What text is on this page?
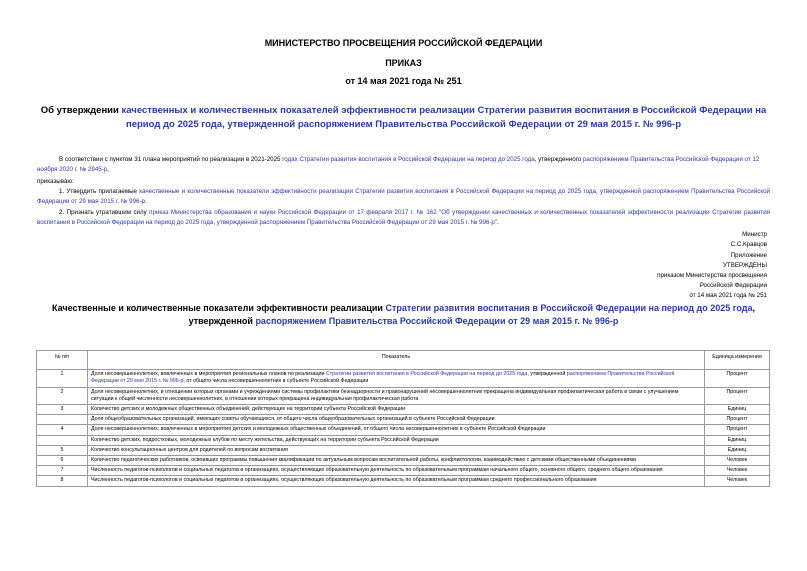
МИНИСТЕРСТВО ПРОСВЕЩЕНИЯ РОССИЙСКОЙ ФЕДЕРАЦИИ
ПРИКАЗ
от 14 мая 2021 года № 251
Об утверждении качественных и количественных показателей эффективности реализации Стратегии развития воспитания в Российской Федерации на период до 2025 года, утвержденной распоряжением Правительства Российской Федерации от 29 мая 2015 г. № 996-р
В соответствии с пунктом 31 плана мероприятий по реализации в 2021-2025 годах Стратегии развития воспитания в Российской Федерации на период до 2025 года, утвержденного распоряжением Правительства Российской Федерации от 12 ноября 2020 г. № 2945-р,
приказываю:
1. Утвердить прилагаемые качественные и количественные показатели эффективности реализации Стратегии развития воспитания в Российской Федерации на период до 2025 года, утвержденной распоряжением Правительства Российской Федерации от 29 мая 2015 г. № 996-р.
2. Признать утратившим силу приказ Министерства образования и науки Российской Федерации от 17 февраля 2017 г. № 162 "Об утверждении качественных и количественных показателей эффективности реализации Стратегии развития воспитания в Российской Федерации на период до 2025 года, утвержденной распоряжением Правительства Российской Федерации от 29 мая 2015 г. № 996-р".
Министр
С.С.Кравцов
Приложение
УТВЕРЖДЕНЫ
приказом Министерства просвещения
Российской Федерации
от 14 мая 2021 года № 251
Качественные и количественные показатели эффективности реализации Стратегии развития воспитания в Российской Федерации на период до 2025 года, утвержденной распоряжением Правительства Российской Федерации от 29 мая 2015 г. № 996-р
№ п/п	Показатель	Единица измерения
1	Доля несовершеннолетних, вовлеченных в мероприятия региональных планов по реализации Стратегии развития воспитания в Российской Федерации на период до 2025 года, утвержденной распоряжением Правительства Российской Федерации от 29 мая 2015 г. № 996-р, от общего числа несовершеннолетних в субъекте Российской Федерации	Процент
2	Доля несовершеннолетних, в отношении которых органами и учреждениями системы профилактики безнадзорности и правонарушений несовершеннолетних прекращена индивидуальная профилактическая работа в связи с улучшением ситуации к общей численности несовершеннолетних, в отношении которых прекращена индивидуальная профилактическая работа	Процент
3	Количество детских и молодежных общественных объединений, действующих на территории субъекта Российской Федерации	Единиц
	Доля общеобразовательных организаций, имеющих советы обучающихся, от общего числа общеобразовательных организаций в субъекте Российской Федерации	Процент
4	Доля несовершеннолетних, вовлеченных в мероприятия детских и молодежных общественных объединений, от общего числа несовершеннолетних в субъекте Российской Федерации	Процент
	Количество детских, подростковых, молодежных клубов по месту жительства, действующих на территории субъекта Российской Федерации	Единиц
5	Количество консультационных центров для родителей по вопросам воспитания	Единиц
6	Количество педагогических работников, освоивших программы повышения квалификации по актуальным вопросам воспитательной работы, конфликтологии, взаимодействию с детскими общественными объединениями	Человек
7	Численность педагогов-психологов и социальных педагогов в организациях, осуществляющих образовательную деятельность по образовательным программам начального общего, основного общего, среднего общего образования	Человек
8	Численность педагогов-психологов и социальных педагогов в организациях, осуществляющих образовательную деятельность по образовательным программам среднего профессионального образования	Человек
